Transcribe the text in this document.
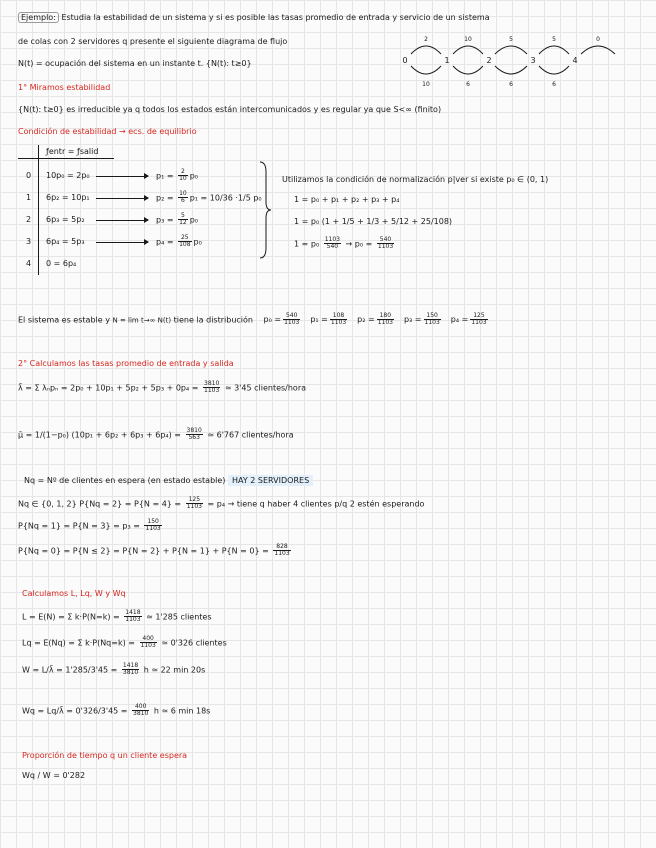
Ejemplo: Estudia la estabilidad de un sistema y si es posible las tasas promedio de entrada y servicio de un sistema
de colas con 2 servidores q presente el siguiente diagrama de flujo
N(t) = ocupación del sistema en un instante t. {N(t): t≥0}	0	1	2	3	4
2	10	5	5	0
10	6	6	6
1° Miramos estabilidad
{N(t): t≥0} es irreducible ya q todos los estados están intercomunicados y es regular ya que S<∞ (finito)
Condición de estabilidad → ecs. de equilibrio
ƒentr = ƒsalid
0 10p₀ = 2p₀	$p_1 = \frac{2}{10} p_0$
1 6p₂ = 10p₁	$p_2 = \frac{10}{6} p_1 = 10/36 \cdot 1/5$ p₀
2 6p₃ = 5p₂	$p_3 = \frac{5}{12} p_0$
3 6p₄ = 5p₃	$p_4 = \frac{25}{108} p_0$
4 0 = 6p₄
Utilizamos la condición de normalización p|ver si existe p₀ ∈ (0, 1)
1 = p₀ + p₁ + p₂ + p₃ + p₄
1 = p₀ (1 + 1/5 + 1/3 + 5/12 + 25/108)
$1 = p_0 \frac{1103}{540} \to p_0 = \frac{540}{1103}$
El sistema es estable y N = lim t→∞ N(t) tiene la distribución $p_0 = \frac{540}{1103} p_1 = \frac{108}{1103} p_2 = \frac{180}{1103} p_3 = \frac{150}{1103} p_4 = \frac{125}{1103}$
2° Calculamos las tasas promedio de entrada y salida
λ̄ = Σ $\lambda_np_n = 2p_0 + 10p_1 + 5p_2 + 5p_3 + 0p_4 = \frac{3810}{1103}$ ≃ 3'45 clientes/hora
μ̄ = 1/(1−p₀) $(10p_1 + 6p_2 + 6p_3 + 6p_4) = \frac{3810}{563}$ ≃ 6'767 clientes/hora
Nq = Nº de clientes en espera (en estado estable) HAY 2 SERVIDORES
Nq ∈ {0, 1, 2} $P\{Nq = 2\} = P\{N = 4\} = \frac{125}{1103} = p_4$ → tiene q haber 4 clientes p/q 2 estén esperando
$P\{Nq = 1\} = P\{N = 3\} = p_3 = \frac{150}{1103}$
$P\{Nq = 0\} = P\{N \le 2\} = P\{N = 2\} + P\{N = 1\} + P\{N = 0\} = \frac{828}{1103}$
Calculamos L, Lq, W y Wq
L = E(N) = Σ $k\cdot P(N=k) = \frac{1418}{1103}$ ≃ 1'285 clientes
Lq = E(Nq) = Σ $k\cdot P(Nq=k) = \frac{400}{1103}$ ≃ 0'326 clientes
W = L/λ̄ = $1'285/3'45 = \frac{1418}{3810}$ h ≃ 22 min 20s
Wq = Lq/λ̄ = $0'326/3'45 = \frac{400}{3810}$ h ≃ 6 min 18s
Proporción de tiempo q un cliente espera
Wq / W = 0'282
